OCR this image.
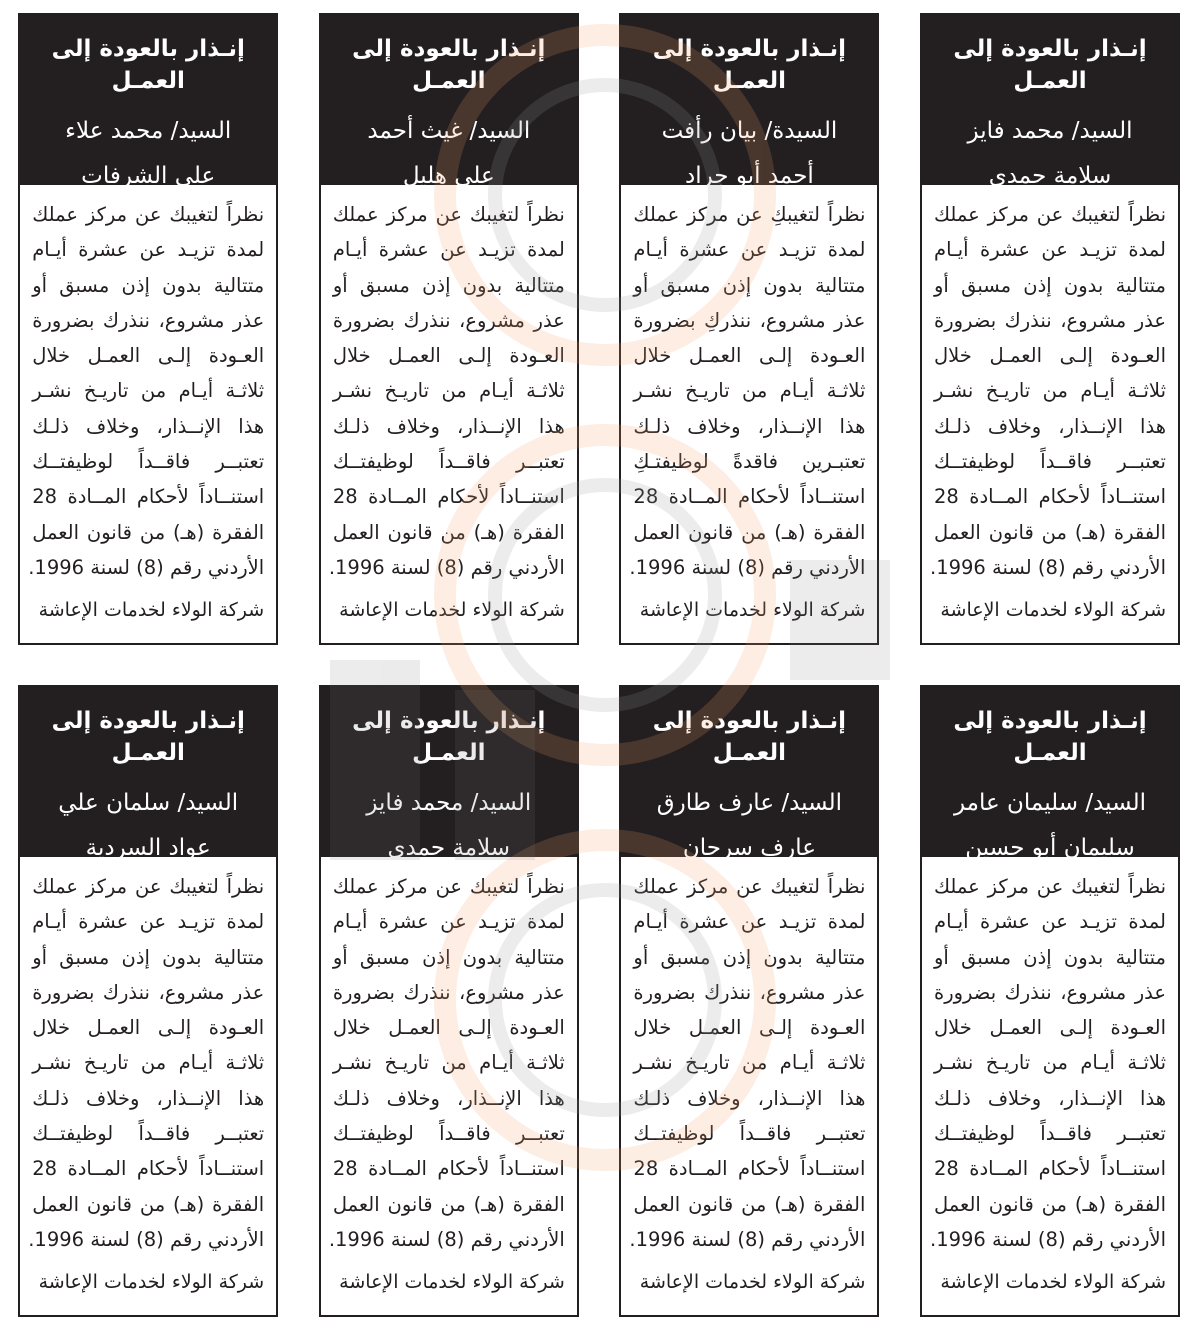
إنـذار بالعودة إلى العمـل
السيد/ محمد فايز
سلامة حمدي
نظراً لتغيبك عن مركز عملك
لمدة تزيـد عن عشرة أيـام
متتالية بدون إذن مسبق أو
عذر مشروع، ننذرك بضرورة
العـودة إلـى العمـل خلال
ثلاثـة أيـام من تاريـخ نشـر
هذا الإنــذار، وخلاف ذلـك
تعتبــر فاقــداً لوظيفتــك
استنــاداً لأحكام المــادة 28
الفقرة (هـ) من قانون العمل
الأردني رقم (8) لسنة 1996.
شركة الولاء لخدمات الإعاشة
إنـذار بالعودة إلى العمـل
السيدة/ بيان رأفت
أحمد أبو جراد
نظراً لتغيبكِ عن مركز عملك
لمدة تزيـد عن عشرة أيـام
متتالية بدون إذن مسبق أو
عذر مشروع، ننذركِ بضرورة
العـودة إلـى العمـل خلال
ثلاثـة أيـام من تاريـخ نشـر
هذا الإنــذار، وخلاف ذلـك
تعتبـرين فاقدةً لوظيفتـكِ
استنــاداً لأحكام المــادة 28
الفقرة (هـ) من قانون العمل
الأردني رقم (8) لسنة 1996.
شركة الولاء لخدمات الإعاشة
إنـذار بالعودة إلى العمـل
السيد/ غيث أحمد
علي هليل
نظراً لتغيبك عن مركز عملك
لمدة تزيـد عن عشرة أيـام
متتالية بدون إذن مسبق أو
عذر مشروع، ننذرك بضرورة
العـودة إلـى العمـل خلال
ثلاثـة أيـام من تاريـخ نشـر
هذا الإنــذار، وخلاف ذلـك
تعتبــر فاقــداً لوظيفتــك
استنــاداً لأحكام المــادة 28
الفقرة (هـ) من قانون العمل
الأردني رقم (8) لسنة 1996.
شركة الولاء لخدمات الإعاشة
إنـذار بالعودة إلى العمـل
السيد/ محمد علاء
علي الشرفات
نظراً لتغيبك عن مركز عملك
لمدة تزيـد عن عشرة أيـام
متتالية بدون إذن مسبق أو
عذر مشروع، ننذرك بضرورة
العـودة إلـى العمـل خلال
ثلاثـة أيـام من تاريـخ نشـر
هذا الإنــذار، وخلاف ذلـك
تعتبــر فاقــداً لوظيفتــك
استنــاداً لأحكام المــادة 28
الفقرة (هـ) من قانون العمل
الأردني رقم (8) لسنة 1996.
شركة الولاء لخدمات الإعاشة
إنـذار بالعودة إلى العمـل
السيد/ سليمان عامر
سليمان أبو حسين
نظراً لتغيبك عن مركز عملك
لمدة تزيـد عن عشرة أيـام
متتالية بدون إذن مسبق أو
عذر مشروع، ننذرك بضرورة
العـودة إلـى العمـل خلال
ثلاثـة أيـام من تاريـخ نشـر
هذا الإنــذار، وخلاف ذلـك
تعتبــر فاقــداً لوظيفتــك
استنــاداً لأحكام المــادة 28
الفقرة (هـ) من قانون العمل
الأردني رقم (8) لسنة 1996.
شركة الولاء لخدمات الإعاشة
إنـذار بالعودة إلى العمـل
السيد/ عارف طارق
عارف سرحان
نظراً لتغيبك عن مركز عملك
لمدة تزيـد عن عشرة أيـام
متتالية بدون إذن مسبق أو
عذر مشروع، ننذرك بضرورة
العـودة إلـى العمـل خلال
ثلاثـة أيـام من تاريـخ نشـر
هذا الإنــذار، وخلاف ذلـك
تعتبــر فاقــداً لوظيفتــك
استنــاداً لأحكام المــادة 28
الفقرة (هـ) من قانون العمل
الأردني رقم (8) لسنة 1996.
شركة الولاء لخدمات الإعاشة
إنـذار بالعودة إلى العمـل
السيد/ محمد فايز
سلامة حمدي
نظراً لتغيبك عن مركز عملك
لمدة تزيـد عن عشرة أيـام
متتالية بدون إذن مسبق أو
عذر مشروع، ننذرك بضرورة
العـودة إلـى العمـل خلال
ثلاثـة أيـام من تاريـخ نشـر
هذا الإنــذار، وخلاف ذلـك
تعتبــر فاقــداً لوظيفتــك
استنــاداً لأحكام المــادة 28
الفقرة (هـ) من قانون العمل
الأردني رقم (8) لسنة 1996.
شركة الولاء لخدمات الإعاشة
إنـذار بالعودة إلى العمـل
السيد/ سلمان علي
عواد السردية
نظراً لتغيبك عن مركز عملك
لمدة تزيـد عن عشرة أيـام
متتالية بدون إذن مسبق أو
عذر مشروع، ننذرك بضرورة
العـودة إلـى العمـل خلال
ثلاثـة أيـام من تاريـخ نشـر
هذا الإنــذار، وخلاف ذلـك
تعتبــر فاقــداً لوظيفتــك
استنــاداً لأحكام المــادة 28
الفقرة (هـ) من قانون العمل
الأردني رقم (8) لسنة 1996.
شركة الولاء لخدمات الإعاشة
